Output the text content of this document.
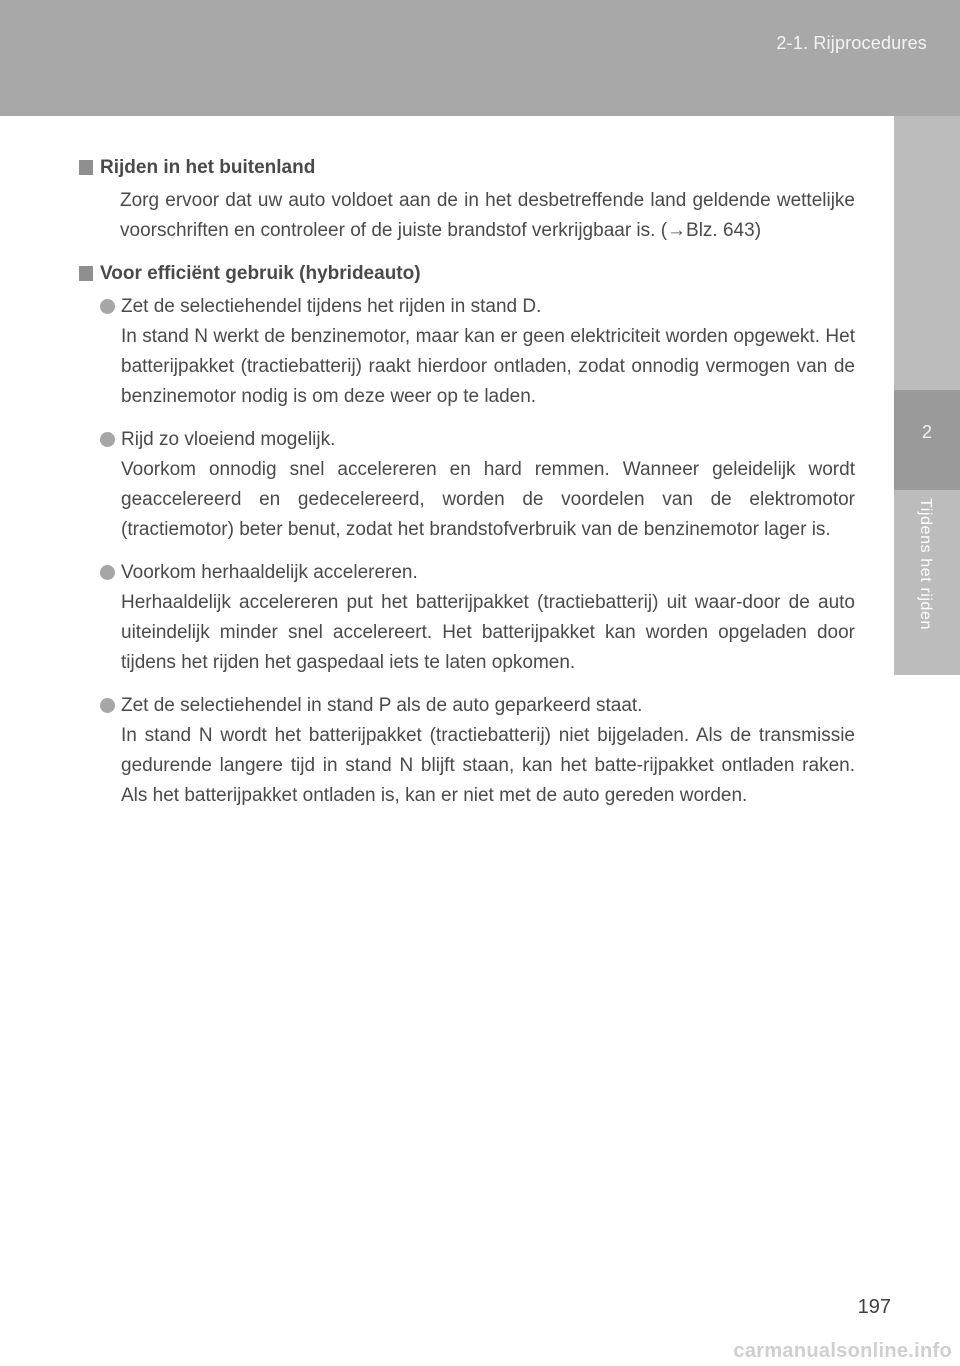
2-1. Rijprocedures
2
Tijdens het rijden
Rijden in het buitenland
Zorg ervoor dat uw auto voldoet aan de in het desbetreffende land geldende wettelijke voorschriften en controleer of de juiste brandstof verkrijgbaar is. (→Blz. 643)
Voor efficiënt gebruik (hybrideauto)
Zet de selectiehendel tijdens het rijden in stand D.
In stand N werkt de benzinemotor, maar kan er geen elektriciteit worden opgewekt. Het batterijpakket (tractiebatterij) raakt hierdoor ontladen, zodat onnodig vermogen van de benzinemotor nodig is om deze weer op te laden.
Rijd zo vloeiend mogelijk.
Voorkom onnodig snel accelereren en hard remmen. Wanneer geleidelijk wordt geaccelereerd en gedecelereerd, worden de voordelen van de elektromotor (tractiemotor) beter benut, zodat het brandstofverbruik van de benzinemotor lager is.
Voorkom herhaaldelijk accelereren.
Herhaaldelijk accelereren put het batterijpakket (tractiebatterij) uit waar-door de auto uiteindelijk minder snel accelereert. Het batterijpakket kan worden opgeladen door tijdens het rijden het gaspedaal iets te laten opkomen.
Zet de selectiehendel in stand P als de auto geparkeerd staat.
In stand N wordt het batterijpakket (tractiebatterij) niet bijgeladen. Als de transmissie gedurende langere tijd in stand N blijft staan, kan het batte-rijpakket ontladen raken. Als het batterijpakket ontladen is, kan er niet met de auto gereden worden.
197
carmanualsonline.info
